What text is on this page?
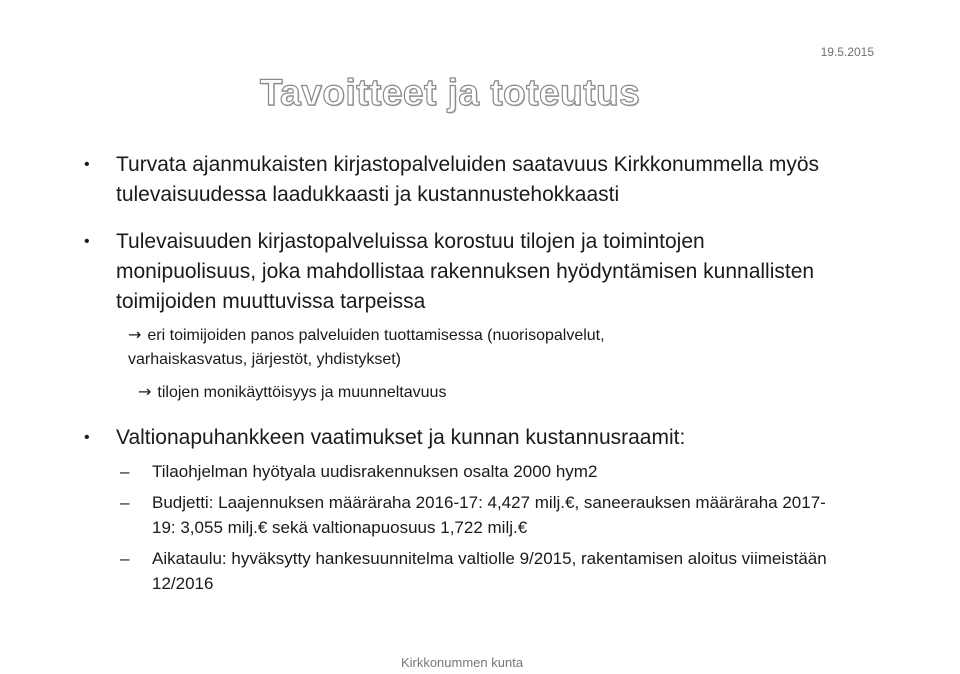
19.5.2015
Tavoitteet ja toteutus
• Turvata ajanmukaisten kirjastopalveluiden saatavuus Kirkkonummella myös tulevaisuudessa laadukkaasti ja kustannustehokkaasti
• Tulevaisuuden kirjastopalveluissa korostuu tilojen ja toimintojen monipuolisuus, joka mahdollistaa rakennuksen hyödyntämisen kunnallisten toimijoiden muuttuvissa tarpeissa
→ eri toimijoiden panos palveluiden tuottamisessa (nuorisopalvelut,
varhaiskasvatus, järjestöt, yhdistykset)
→ tilojen monikäyttöisyys ja muunneltavuus
• Valtionapuhankkeen vaatimukset ja kunnan kustannusraamit:
– Tilaohjelman hyötyala uudisrakennuksen osalta 2000 hym2
– Budjetti: Laajennuksen määräraha 2016-17: 4,427 milj.€, saneerauksen määräraha 2017-19: 3,055 milj.€ sekä valtionapuosuus 1,722 milj.€
– Aikataulu: hyväksytty hankesuunnitelma valtiolle 9/2015, rakentamisen aloitus viimeistään 12/2016
Kirkkonummen kunta
